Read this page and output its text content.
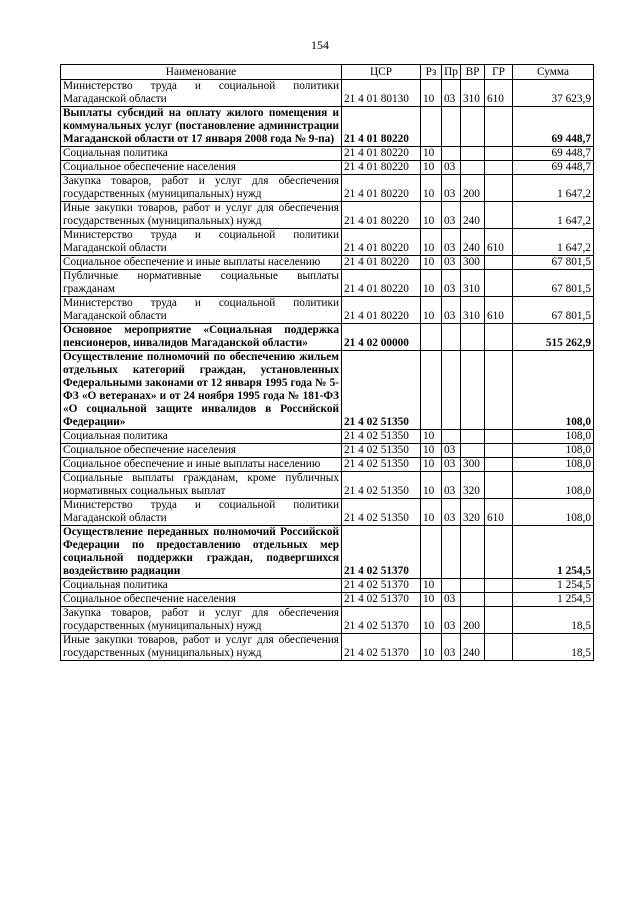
154
Наименование	ЦСР	Рз	Пр	ВР	ГР	Сумма
Министерство труда и социальной политики Магаданской области	21 4 01 80130	10	03	310	610	37 623,9
Выплаты субсидий на оплату жилого помещения и коммунальных услуг (постановление администрации Магаданской области от 17 января 2008 года № 9-па)	21 4 01 80220					69 448,7
Социальная политика	21 4 01 80220	10				69 448,7
Социальное обеспечение населения	21 4 01 80220	10	03			69 448,7
Закупка товаров, работ и услуг для обеспечения государственных (муниципальных) нужд	21 4 01 80220	10	03	200		1 647,2
Иные закупки товаров, работ и услуг для обеспечения государственных (муниципальных) нужд	21 4 01 80220	10	03	240		1 647,2
Министерство труда и социальной политики Магаданской области	21 4 01 80220	10	03	240	610	1 647,2
Социальное обеспечение и иные выплаты населению	21 4 01 80220	10	03	300		67 801,5
Публичные нормативные социальные выплаты гражданам	21 4 01 80220	10	03	310		67 801,5
Министерство труда и социальной политики Магаданской области	21 4 01 80220	10	03	310	610	67 801,5
Основное мероприятие «Социальная поддержка пенсионеров, инвалидов Магаданской области»	21 4 02 00000					515 262,9
Осуществление полномочий по обеспечению жильем отдельных категорий граждан, установленных Федеральными законами от 12 января 1995 года № 5-ФЗ «О ветеранах» и от 24 ноября 1995 года № 181-ФЗ «О социальной защите инвалидов в Российской Федерации»	21 4 02 51350					108,0
Социальная политика	21 4 02 51350	10				108,0
Социальное обеспечение населения	21 4 02 51350	10	03			108,0
Социальное обеспечение и иные выплаты населению	21 4 02 51350	10	03	300		108,0
Социальные выплаты гражданам, кроме публичных нормативных социальных выплат	21 4 02 51350	10	03	320		108,0
Министерство труда и социальной политики Магаданской области	21 4 02 51350	10	03	320	610	108,0
Осуществление переданных полномочий Российской Федерации по предоставлению отдельных мер социальной поддержки граждан, подвергшихся воздействию радиации	21 4 02 51370					1 254,5
Социальная политика	21 4 02 51370	10				1 254,5
Социальное обеспечение населения	21 4 02 51370	10	03			1 254,5
Закупка товаров, работ и услуг для обеспечения государственных (муниципальных) нужд	21 4 02 51370	10	03	200		18,5
Иные закупки товаров, работ и услуг для обеспечения государственных (муниципальных) нужд	21 4 02 51370	10	03	240		18,5
